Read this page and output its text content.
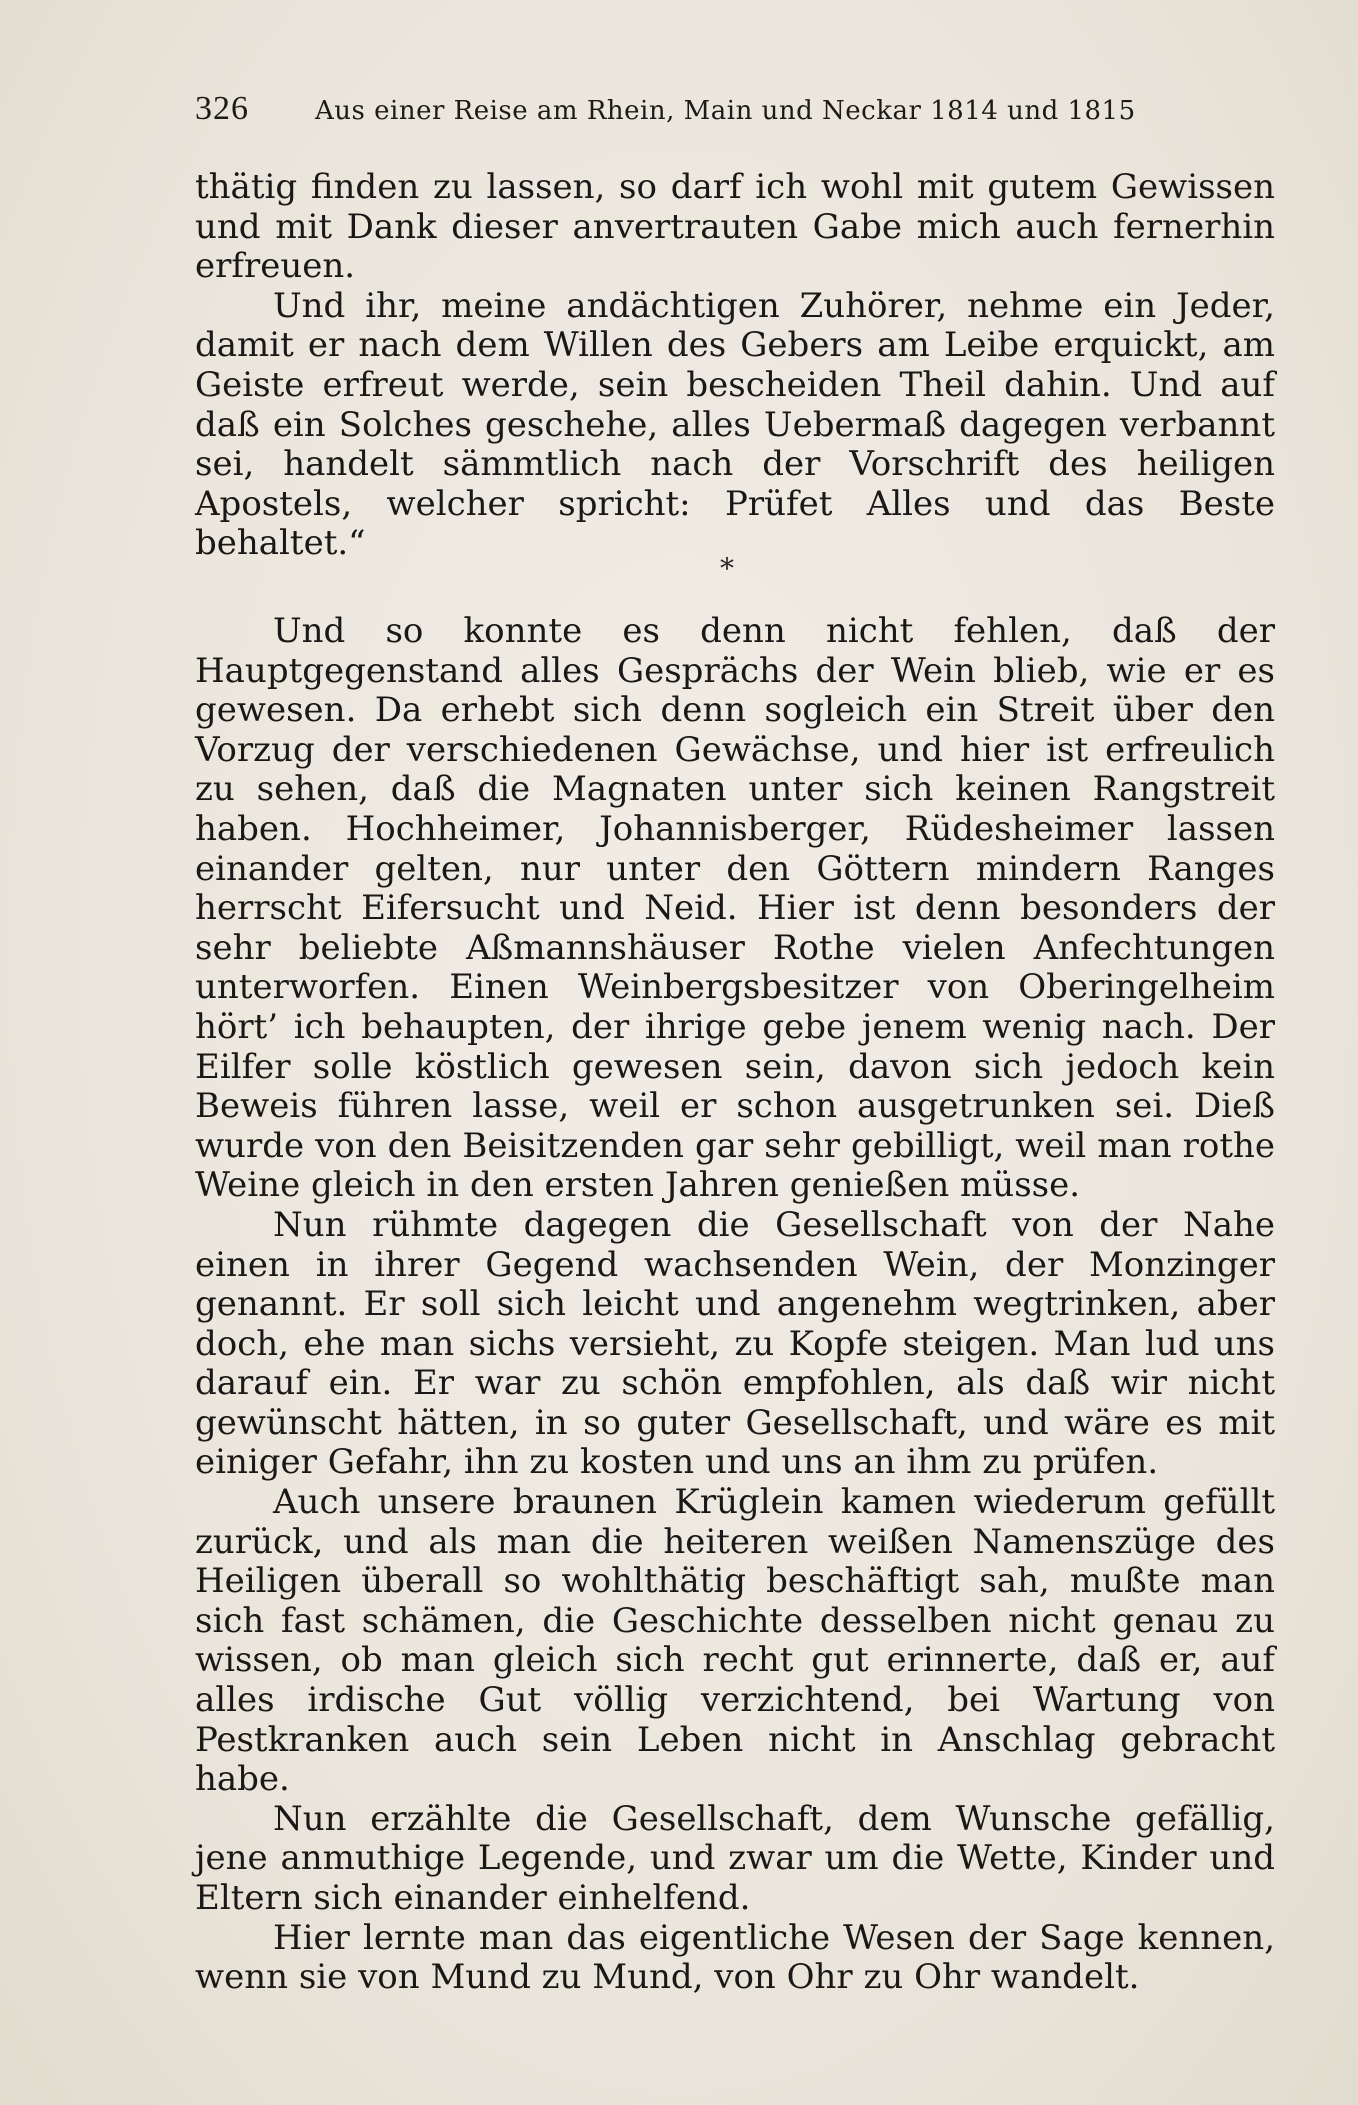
326	Aus einer Reise am Rhein, Main und Neckar 1814 und 1815

thätig finden zu lassen, so darf ich wohl mit gutem Gewissen und mit Dank dieser anvertrauten Gabe mich auch fernerhin erfreuen.

Und ihr, meine andächtigen Zuhörer, nehme ein Jeder, damit er nach dem Willen des Gebers am Leibe erquickt, am Geiste erfreut werde, sein bescheiden Theil dahin. Und auf daß ein Solches geschehe, alles Uebermaß dagegen verbannt sei, handelt sämmtlich nach der Vorschrift des heiligen Apostels, welcher spricht: Prüfet Alles und das Beste behaltet.“

*

Und so konnte es denn nicht fehlen, daß der Hauptgegenstand alles Gesprächs der Wein blieb, wie er es gewesen. Da erhebt sich denn sogleich ein Streit über den Vorzug der verschiedenen Gewächse, und hier ist erfreulich zu sehen, daß die Magnaten unter sich keinen Rangstreit haben. Hochheimer, Johannisberger, Rüdesheimer lassen einander gelten, nur unter den Göttern mindern Ranges herrscht Eifersucht und Neid. Hier ist denn besonders der sehr beliebte Aßmannshäuser Rothe vielen Anfechtungen unterworfen. Einen Weinbergsbesitzer von Oberingelheim hört’ ich behaupten, der ihrige gebe jenem wenig nach. Der Eilfer solle köstlich gewesen sein, davon sich jedoch kein Beweis führen lasse, weil er schon ausgetrunken sei. Dieß wurde von den Beisitzenden gar sehr gebilligt, weil man rothe Weine gleich in den ersten Jahren genießen müsse.

Nun rühmte dagegen die Gesellschaft von der Nahe einen in ihrer Gegend wachsenden Wein, der Monzinger genannt. Er soll sich leicht und angenehm wegtrinken, aber doch, ehe man sichs versieht, zu Kopfe steigen. Man lud uns darauf ein. Er war zu schön empfohlen, als daß wir nicht gewünscht hätten, in so guter Gesellschaft, und wäre es mit einiger Gefahr, ihn zu kosten und uns an ihm zu prüfen.

Auch unsere braunen Krüglein kamen wiederum gefüllt zurück, und als man die heiteren weißen Namenszüge des Heiligen überall so wohlthätig beschäftigt sah, mußte man sich fast schämen, die Geschichte desselben nicht genau zu wissen, ob man gleich sich recht gut erinnerte, daß er, auf alles irdische Gut völlig verzichtend, bei Wartung von Pestkranken auch sein Leben nicht in Anschlag gebracht habe.

Nun erzählte die Gesellschaft, dem Wunsche gefällig, jene anmuthige Legende, und zwar um die Wette, Kinder und Eltern sich einander einhelfend.

Hier lernte man das eigentliche Wesen der Sage kennen, wenn sie von Mund zu Mund, von Ohr zu Ohr wandelt.
